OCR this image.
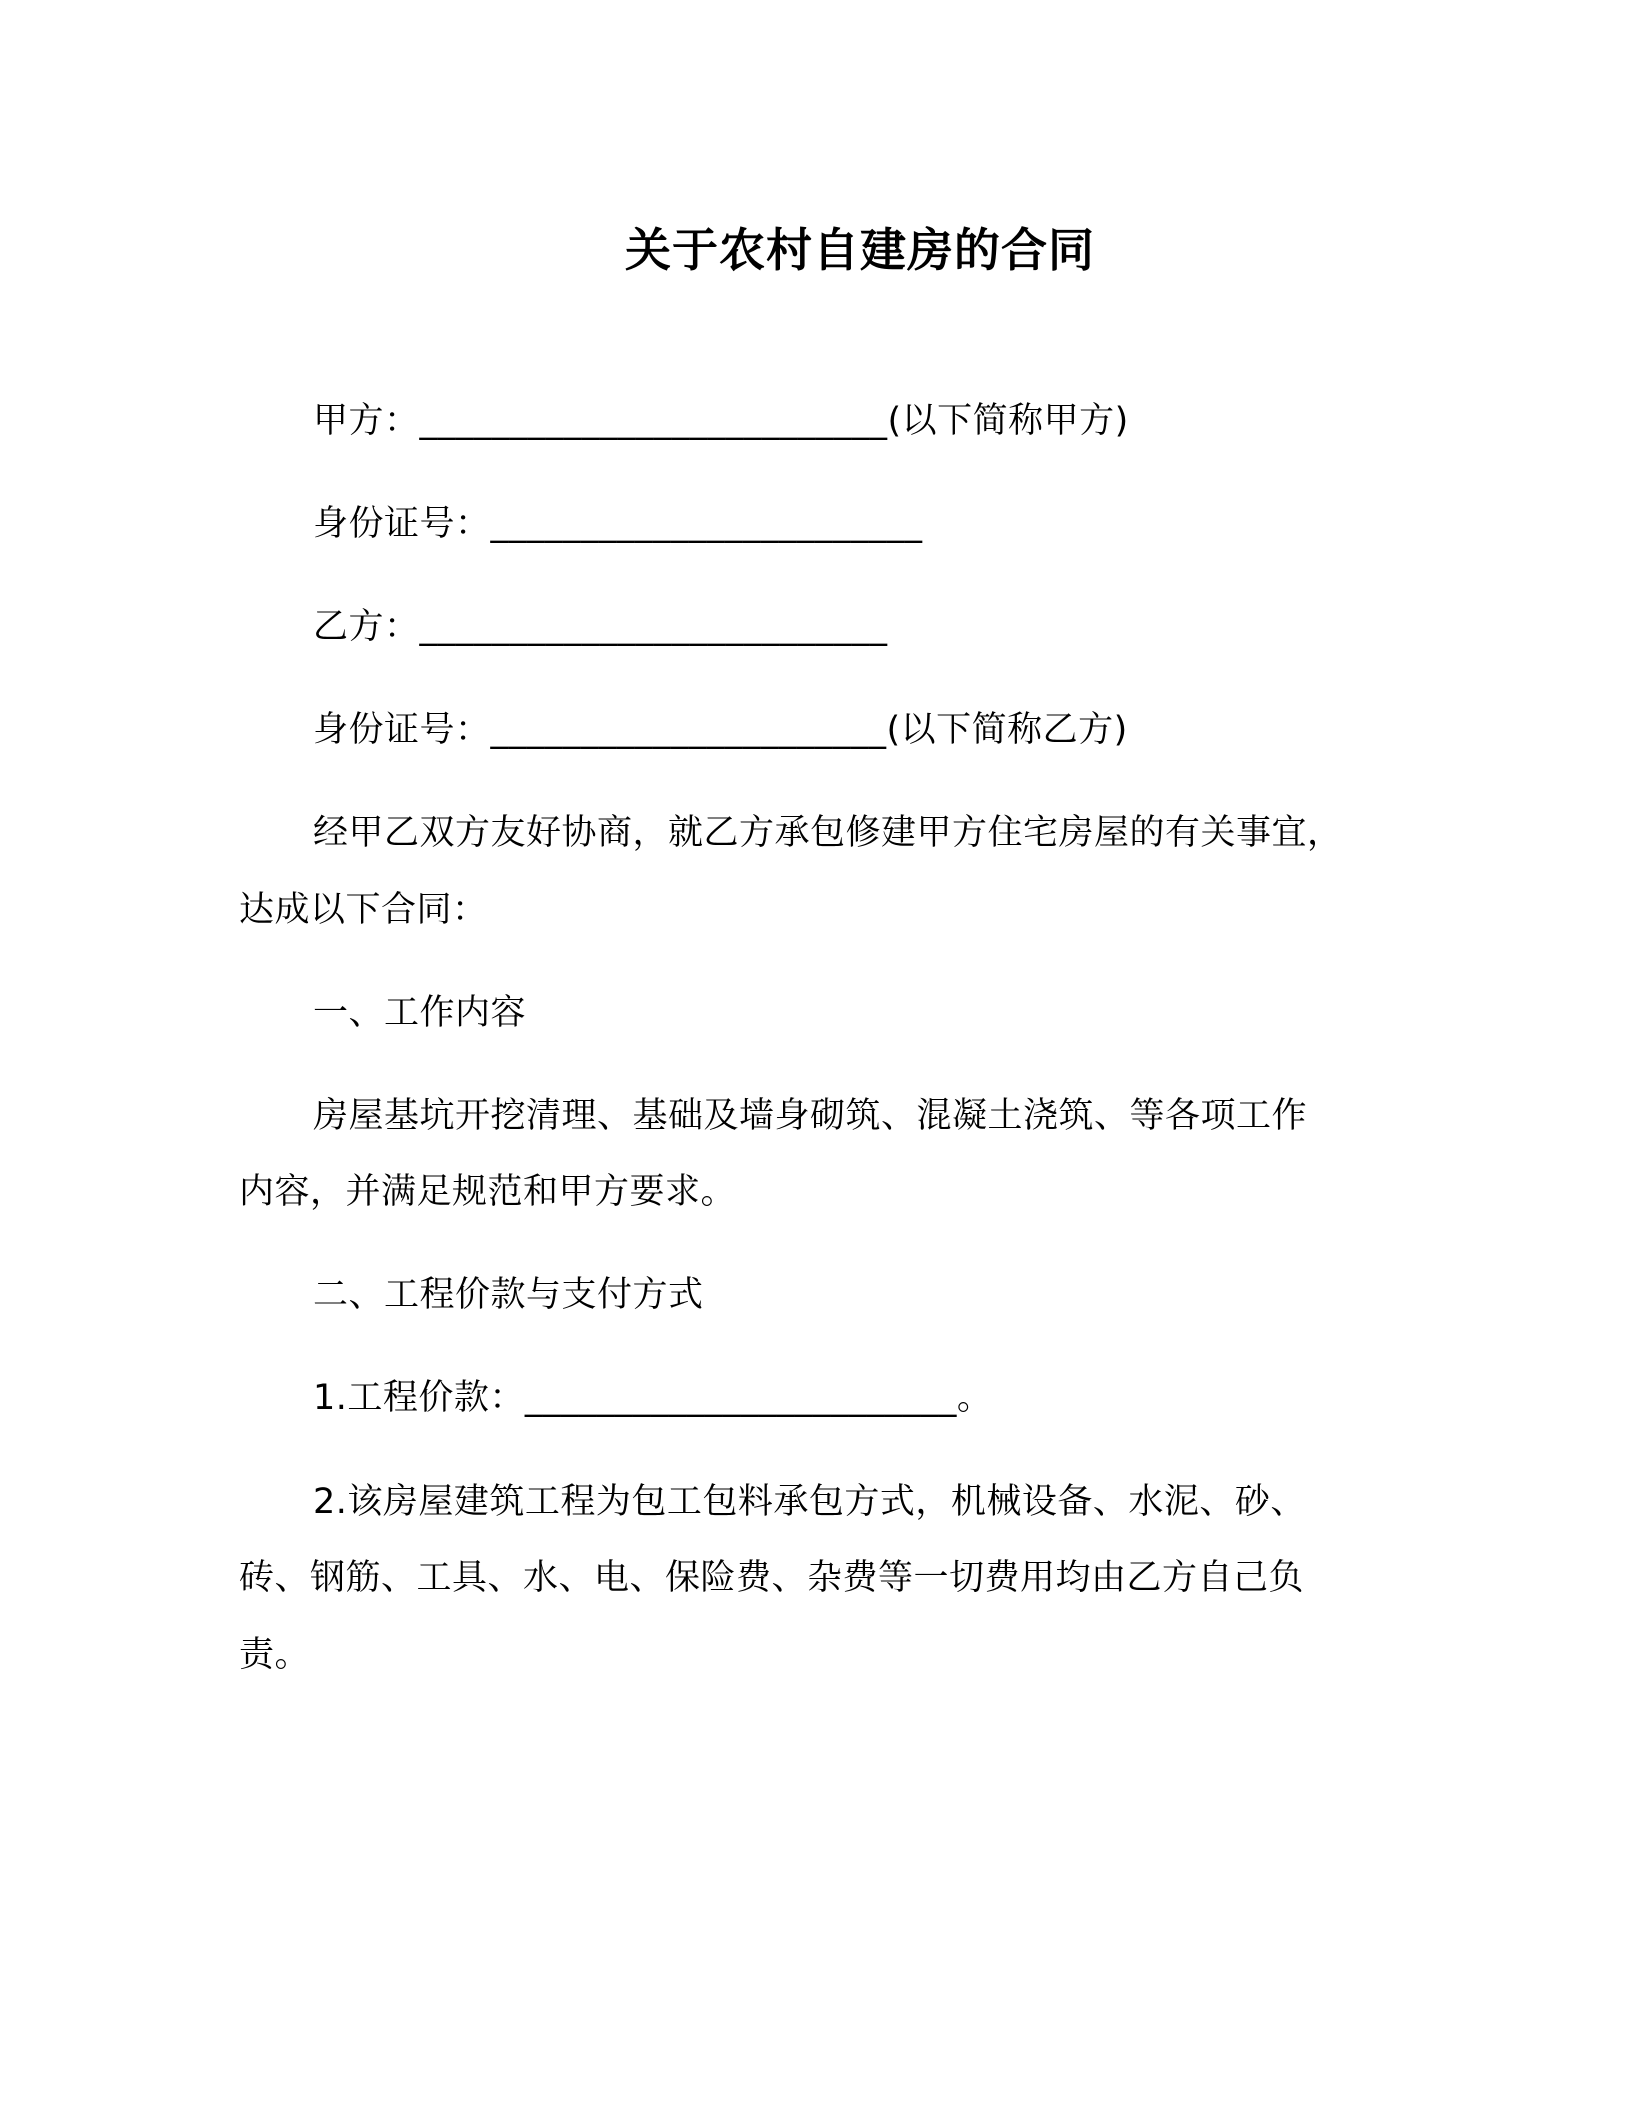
关于农村自建房的合同
甲方：__________________________(以下简称甲方)
身份证号：________________________
乙方：__________________________
身份证号：______________________(以下简称乙方)
经甲乙双方友好协商，就乙方承包修建甲方住宅房屋的有关事宜，
达成以下合同：
一、工作内容
房屋基坑开挖清理、基础及墙身砌筑、混凝土浇筑、等各项工作
内容，并满足规范和甲方要求。
二、工程价款与支付方式
1.工程价款：________________________。
2.该房屋建筑工程为包工包料承包方式，机械设备、水泥、砂、
砖、钢筋、工具、水、电、保险费、杂费等一切费用均由乙方自己负
责。
